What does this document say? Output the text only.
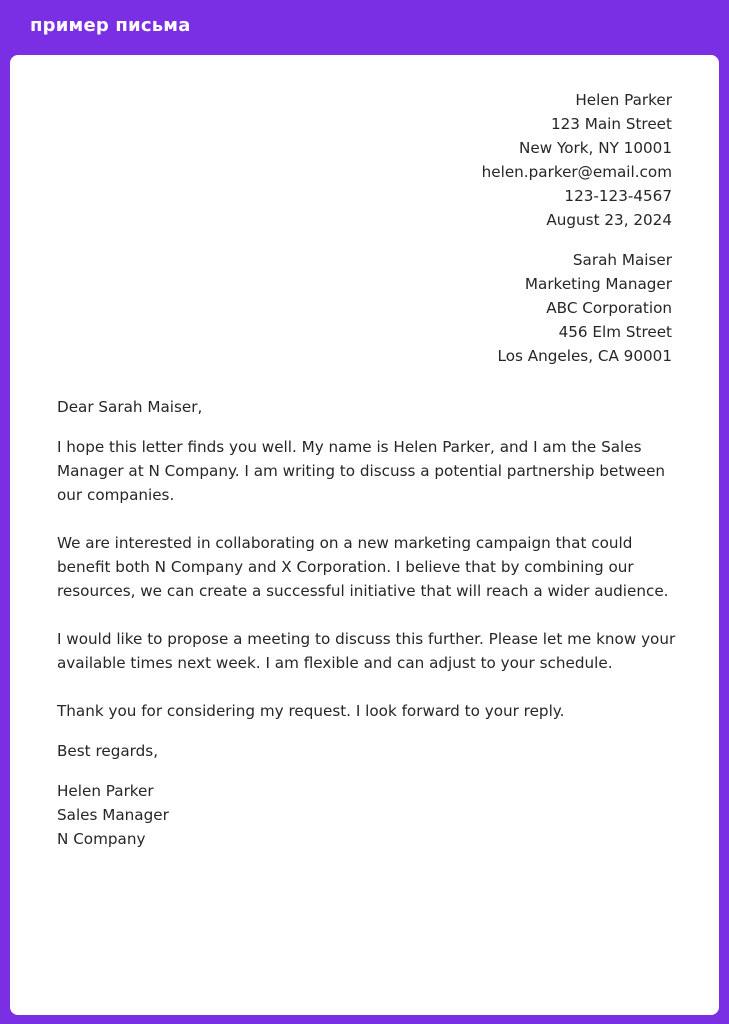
пример письма
Helen Parker
123 Main Street
New York, NY 10001
helen.parker@email.com
123-123-4567
August 23, 2024
Sarah Maiser
Marketing Manager
ABC Corporation
456 Elm Street
Los Angeles, CA 90001
Dear Sarah Maiser,
I hope this letter finds you well. My name is Helen Parker, and I am the Sales
Manager at N Company. I am writing to discuss a potential partnership between
our companies.
We are interested in collaborating on a new marketing campaign that could
benefit both N Company and X Corporation. I believe that by combining our
resources, we can create a successful initiative that will reach a wider audience.
I would like to propose a meeting to discuss this further. Please let me know your
available times next week. I am flexible and can adjust to your schedule.
Thank you for considering my request. I look forward to your reply.
Best regards,
Helen Parker
Sales Manager
N Company
